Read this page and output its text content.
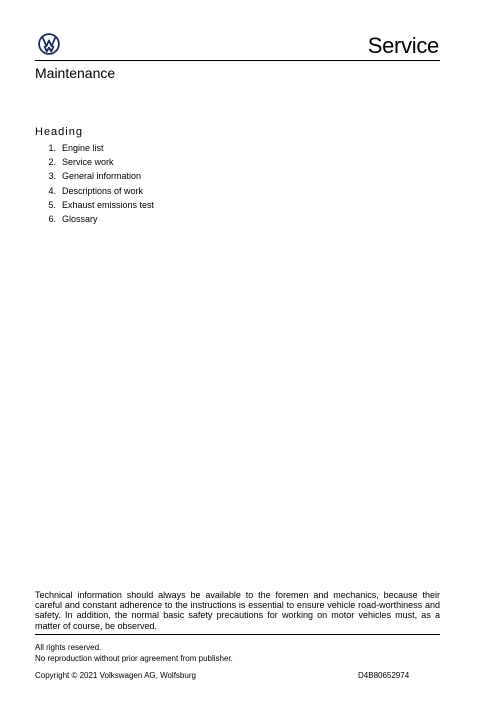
Service
Maintenance
Heading
1. Engine list
2. Service work
3. General information
4. Descriptions of work
5. Exhaust emissions test
6. Glossary

Technical information should always be available to the foremen and mechanics, because their careful and constant adherence to the instructions is essential to ensure vehicle road-worthiness and safety. In addition, the normal basic safety precautions for working on motor vehicles must, as a matter of course, be observed.

All rights reserved.
No reproduction without prior agreement from publisher.
Copyright © 2021 Volkswagen AG, Wolfsburg	D4B80652974
